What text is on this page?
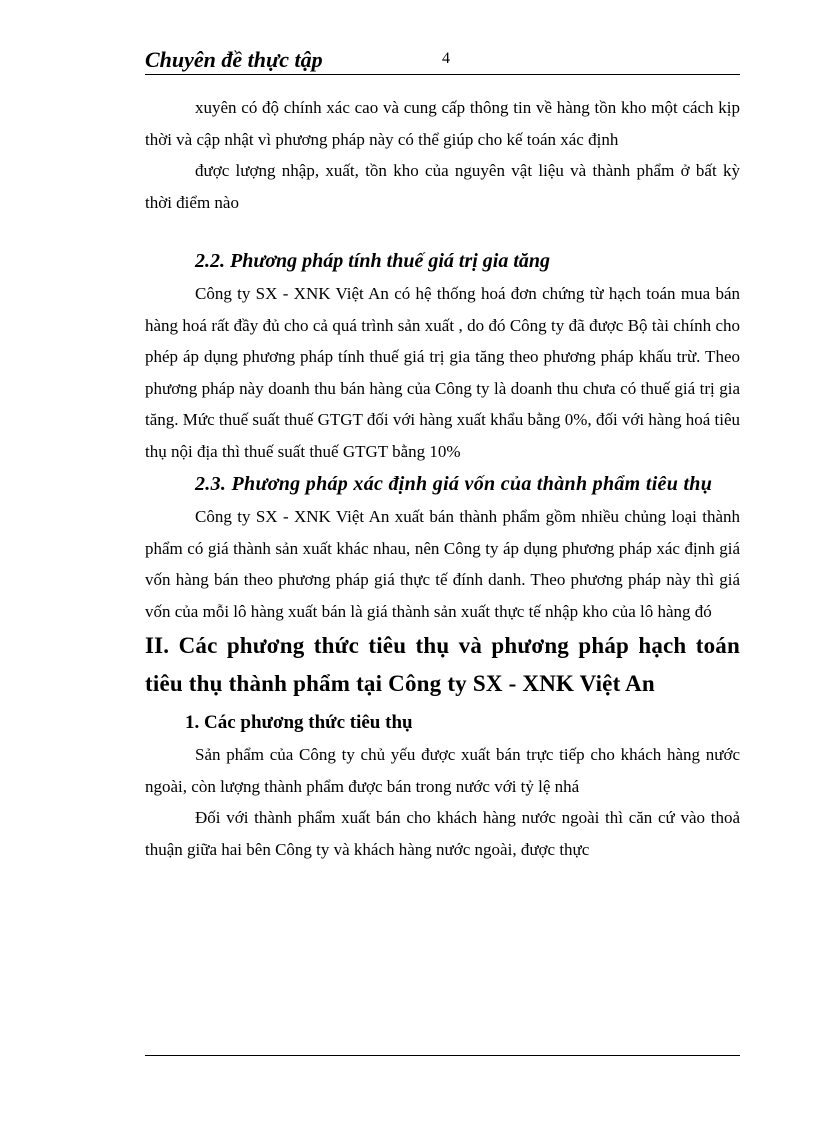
Chuyên đề thực tập	4

xuyên có độ chính xác cao và cung cấp thông tin về hàng tồn kho một cách kịp thời và cập nhật vì phương pháp này có thể giúp cho kế toán xác định

được lượng nhập, xuất, tồn kho của nguyên vật liệu và thành phẩm ở bất kỳ thời điểm nào

2.2. Phương pháp tính thuế giá trị gia tăng

Công ty SX - XNK Việt An có hệ thống hoá đơn chứng từ hạch toán mua bán hàng hoá rất đầy đủ cho cả quá trình sản xuất , do đó Công ty đã được Bộ tài chính cho phép áp dụng phương pháp tính thuế giá trị gia tăng theo phương pháp khấu trừ. Theo phương pháp này doanh thu bán hàng của Công ty là doanh thu chưa có thuế giá trị gia tăng. Mức thuế suất thuế GTGT đối với hàng xuất khẩu bằng 0%, đối với hàng hoá tiêu thụ nội địa thì thuế suất thuế GTGT bằng 10%

2.3. Phương pháp xác định giá vốn của thành phẩm tiêu thụ

Công ty SX - XNK Việt An xuất bán thành phẩm gồm nhiều chủng loại thành phẩm có giá thành sản xuất khác nhau, nên Công ty áp dụng phương pháp xác định giá vốn hàng bán theo phương pháp giá thực tế đính danh. Theo phương pháp này thì giá vốn của mỗi lô hàng xuất bán là giá thành sản xuất thực tế nhập kho của lô hàng đó

II. Các phương thức tiêu thụ và phương pháp hạch toán tiêu thụ thành phẩm tại Công ty SX - XNK Việt An

1. Các phương thức tiêu thụ

Sản phẩm của Công ty chủ yếu được xuất bán trực tiếp cho khách hàng nước ngoài, còn lượng thành phẩm được bán trong nước với tỷ lệ nhá

Đối với thành phẩm xuất bán cho khách hàng nước ngoài thì căn cứ vào thoả thuận giữa hai bên Công ty và khách hàng nước ngoài, được thực
